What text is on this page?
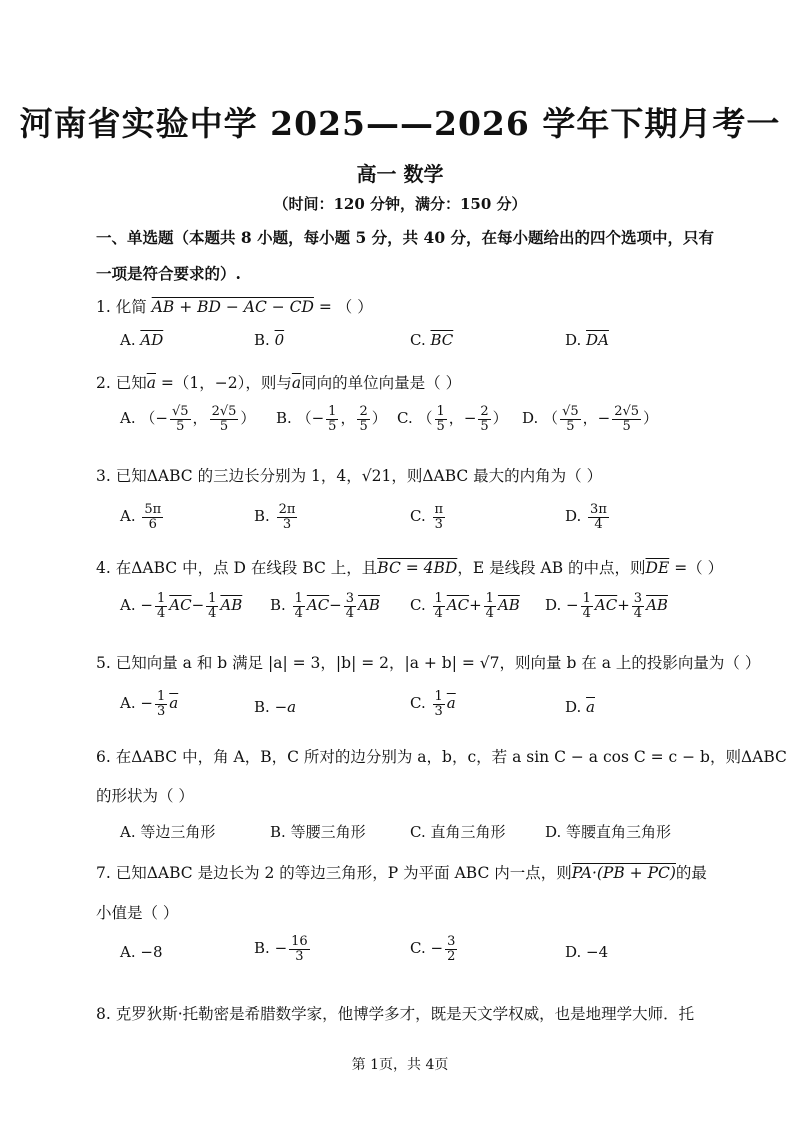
河南省实验中学 2025——2026 学年下期月考一
高一 数学
（时间：120 分钟，满分：150 分）
一、单选题（本题共 8 小题，每小题 5 分，共 40 分，在每小题给出的四个选项中，只有
一项是符合要求的）.
1. 化简 AB + BD − AC − CD = （ ）
A. $\overline{AD}$	B. 0	C. $\overline{BC}$	D. $\overline{DA}$
2. 已知$\overline{a} =(1$，−2），则与$\overline{a}$同向的单位向量是（ ）
A. （− $\frac{√5}{5}$ ， $\frac{2√5}{5}$ ） B. （− $\frac{1}{5}$ ， $\frac{2}{5}$ ） C. （ $\frac{1}{5}$ ，− $\frac{2}{5}$ ） D. （ $\frac{√5}{5}$ ，− $\frac{2√5}{5}$ ）
3. 已知ΔABC 的三边长分别为 1，4，√21，则ΔABC 最大的内角为（ ）
A. $\frac{5\pi}{6}$	B. $\frac{2\pi}{3}$	C. $\frac{\pi}{3}$	D. $\frac{3\pi}{4}$
4. 在ΔABC 中，点 D 在线段 BC 上，且BC = 4BD，E 是线段 AB 的中点，则$\overline{DE}$ =（ ）
A. − $\frac{1}{4} \overline{AC}- \frac{1}{4} \overline{AB}$ B. $\frac{1}{4} \overline{AC}- \frac{3}{4} \overline{AB}$ C. $\frac{1}{4} \overline{AC}+ \frac{1}{4} \overline{AB}$ D. − $\frac{1}{4} \overline{AC}+ \frac{3}{4} \overline{AB}$
5. 已知向量 a 和 b 满足 |a| = 3，|b| = 2，|a + b| = √7，则向量 b 在 a 上的投影向量为（ ）
A. − $\frac{1}{3} \overline{a}$	B. −a	C. $\frac{1}{3} \overline{a}$	D. $\overline{a}$
6. 在ΔABC 中，角 A，B，C 所对的边分别为 a，b，c，若 a sin C − a cos C = c − b，则ΔABC
的形状为（ ）
A. 等边三角形	B. 等腰三角形	C. 直角三角形	D. 等腰直角三角形
7. 已知ΔABC 是边长为 2 的等边三角形，P 为平面 ABC 内一点，则PA·(PB + PC)的最
小值是（ ）
A. −8	B. − $\frac{16}{3}$	C. − $\frac{3}{2}$	D. −4
8. 克罗狄斯·托勒密是希腊数学家，他博学多才，既是天文学权威，也是地理学大师．托
第 1页，共 4页
